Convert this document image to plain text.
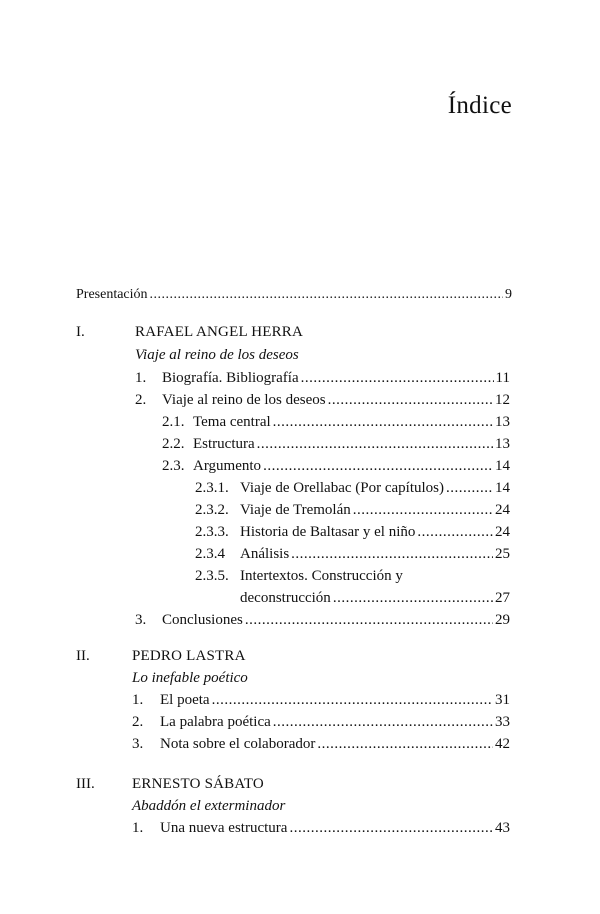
Índice
Presentación .....	9
I.	RAFAEL ANGEL HERRA
Viaje al reino de los deseos
1. Biografía. Bibliografía .....	11
2. Viaje al reino de los deseos .....	12
2.1. Tema central .....	13
2.2. Estructura .....	13
2.3. Argumento .....	14
2.3.1. Viaje de Orellabac (Por capítulos) .....	14
2.3.2. Viaje de Tremolán .....	24
2.3.3. Historia de Baltasar y el niño .....	24
2.3.4 Análisis .....	25
2.3.5. Intertextos. Construcción y
deconstrucción .....	27
3. Conclusiones .....	29
II.	PEDRO LASTRA
Lo inefable poético
1. El poeta .....	31
2. La palabra poética .....	33
3. Nota sobre el colaborador .....	42
III. ERNESTO SÁBATO
Abaddón el exterminador
1. Una nueva estructura .....	43
